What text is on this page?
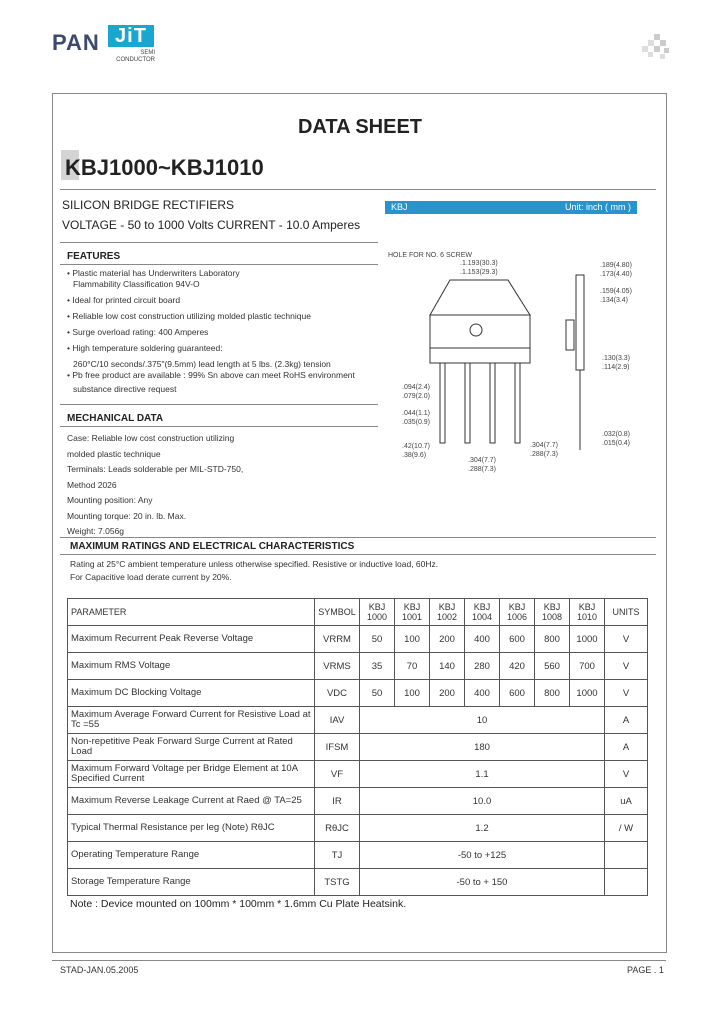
PAN JiT
SEMI
CONDUCTOR
DATA SHEET
KBJ1000~KBJ1010
SILICON BRIDGE RECTIFIERS
VOLTAGE - 50 to 1000 Volts CURRENT - 10.0 Amperes
KBJ	Unit: inch ( mm )
FEATURES
• Plastic material has Underwriters Laboratory
Flammability Classification 94V-O
• Ideal for printed circuit board
• Reliable low cost construction utilizing molded plastic technique
• Surge overload rating: 400 Amperes
• High temperature soldering guaranteed:
260°C/10 seconds/.375"(9.5mm) lead length at 5 lbs. (2.3kg) tension
• Pb free product are available : 99% Sn above can meet RoHS environment
substance directive request
MECHANICAL DATA
Case: Reliable low cost construction utilizing
molded plastic technique
Terminals: Leads solderable per MIL-STD-750,
Method 2026
Mounting position: Any
Mounting torque: 20 in. lb. Max.
Weight: 7.056g
HOLE FOR NO. 6 SCREW
.189(4.80)
.173(4.40)
.1.193(30.3)
.1.153(29.3)
.130(3.3)
.114(2.9)
.159(4.05)
.134(3.4)
.094(2.4)
.079(2.0)
.044(1.1)
.035(0.9)
.42(10.7)
.38(9.6)
.304(7.7)
.288(7.3)
.304(7.7)
.288(7.3)
.032(0.8)
.015(0.4)
MAXIMUM RATINGS AND ELECTRICAL CHARACTERISTICS
Rating at 25°C ambient temperature unless otherwise specified. Resistive or inductive load, 60Hz.
For Capacitive load derate current by 20%.
PARAMETER	SYMBOL	KBJ 1000	KBJ 1001	KBJ 1002	KBJ 1004	KBJ 1006	KBJ 1008	KBJ 1010	UNITS
Maximum Recurrent Peak Reverse Voltage	VRRM	50	100	200	400	600	800	1000	V
Maximum RMS Voltage	VRMS	35	70	140	280	420	560	700	V
Maximum DC Blocking Voltage	VDC	50	100	200	400	600	800	1000	V
Maximum Average Forward Current for Resistive Load at Tc =55	IAV	10							A
Non-repetitive Peak Forward Surge Current at Rated Load	IFSM	180							A
Maximum Forward Voltage per Bridge Element at 10A Specified Current	VF	1.1							V
Maximum Reverse Leakage Current at Raed @ TA=25	IR	10.0							uA
Typical Thermal Resistance per leg (Note) RθJC	RθJC	1.2							/ W
Operating Temperature Range	TJ	-50 to +125							
Storage Temperature Range	TSTG	-50 to + 150							
Note : Device mounted on 100mm * 100mm * 1.6mm Cu Plate Heatsink.
STAD-JAN.05.2005	PAGE . 1
